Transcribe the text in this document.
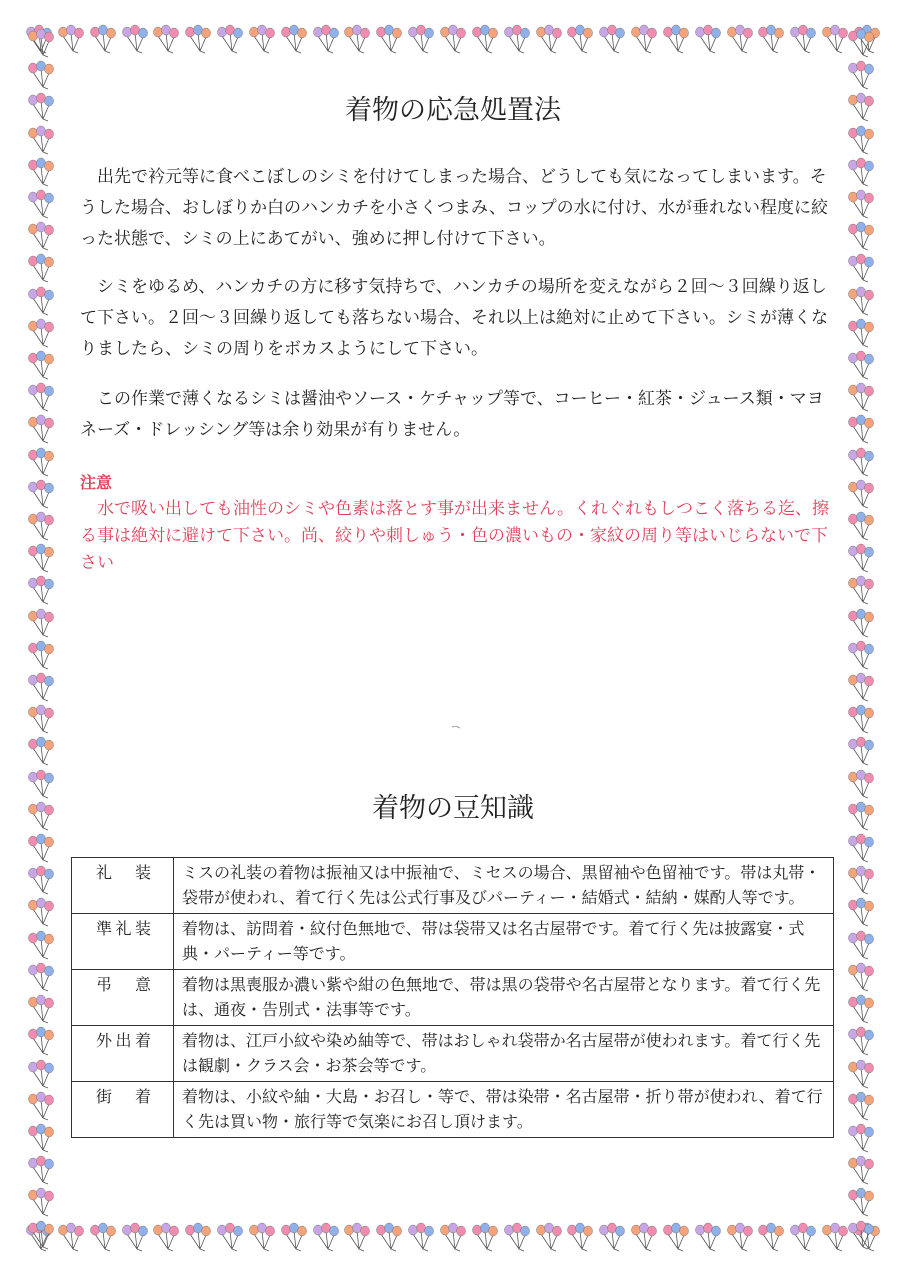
着物の応急処置法

出先で衿元等に食べこぼしのシミを付けてしまった場合、どうしても気になってしまいます。そうした場合、おしぼりか白のハンカチを小さくつまみ、コップの水に付け、水が垂れない程度に絞った状態で、シミの上にあてがい、強めに押し付けて下さい。

シミをゆるめ、ハンカチの方に移す気持ちで、ハンカチの場所を変えながら２回～３回繰り返して下さい。２回～３回繰り返しても落ちない場合、それ以上は絶対に止めて下さい。シミが薄くなりましたら、シミの周りをボカスようにして下さい。

この作業で薄くなるシミは醤油やソース・ケチャップ等で、コーヒー・紅茶・ジュース類・マヨネーズ・ドレッシング等は余り効果が有りません。

注意

水で吸い出しても油性のシミや色素は落とす事が出来ません。くれぐれもしつこく落ちる迄、擦る事は絶対に避けて下さい。尚、絞りや刺しゅう・色の濃いもの・家紋の周り等はいじらないで下さい

着物の豆知識
礼装	ミスの礼装の着物は振袖又は中振袖で、ミセスの場合、黒留袖や色留袖です。帯は丸帯・袋帯が使われ、着て行く先は公式行事及びパーティー・結婚式・結納・媒酌人等です。
準礼装	着物は、訪問着・紋付色無地で、帯は袋帯又は名古屋帯です。着て行く先は披露宴・式典・パーティー等です。
弔意	着物は黒喪服か濃い紫や紺の色無地で、帯は黒の袋帯や名古屋帯となります。着て行く先は、通夜・告別式・法事等です。
外出着	着物は、江戸小紋や染め紬等で、帯はおしゃれ袋帯か名古屋帯が使われます。着て行く先は観劇・クラス会・お茶会等です。
街着	着物は、小紋や紬・大島・お召し・等で、帯は染帯・名古屋帯・折り帯が使われ、着て行く先は買い物・旅行等で気楽にお召し頂けます。
